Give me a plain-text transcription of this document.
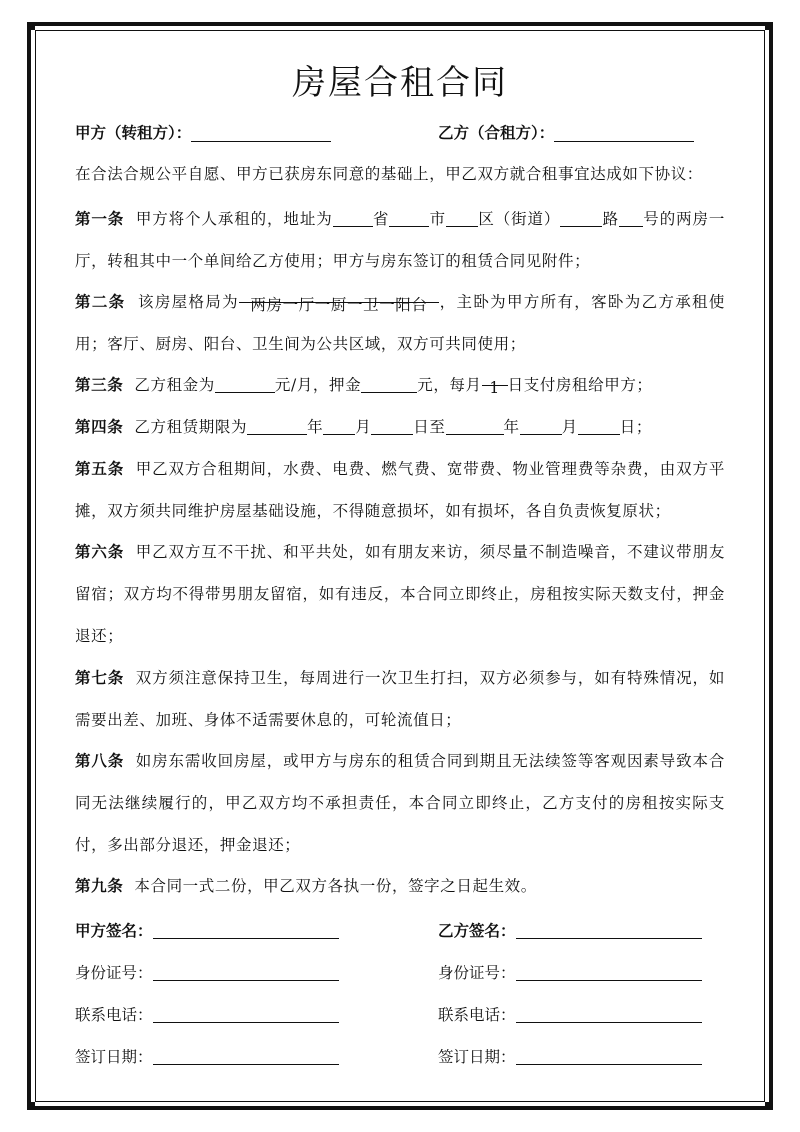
房屋合租合同
甲方（转租方）：	乙方（合租方）：
在合法合规公平自愿、甲方已获房东同意的基础上，甲乙双方就合租事宜达成如下协议：
第一条 甲方将个人承租的，地址为	省	市 区（街道）	路 号的两房一厅，转租其中一个单间给乙方使用；甲方与房东签订的租赁合同见附件；
第二条 该房屋格局为 两房一厅一厨一卫一阳台 ，主卧为甲方所有，客卧为乙方承租使用；客厅、厨房、阳台、卫生间为公共区域，双方可共同使用；
第三条 乙方租金为	元/月，押金	元，每月 1 日支付房租给甲方；
第四条 乙方租赁期限为	年 月	日至	年	月	日；
第五条 甲乙双方合租期间，水费、电费、燃气费、宽带费、物业管理费等杂费，由双方平摊，双方须共同维护房屋基础设施，不得随意损坏，如有损坏，各自负责恢复原状；
第六条 甲乙双方互不干扰、和平共处，如有朋友来访，须尽量不制造噪音，不建议带朋友留宿；双方均不得带男朋友留宿，如有违反，本合同立即终止，房租按实际天数支付，押金退还；
第七条 双方须注意保持卫生，每周进行一次卫生打扫，双方必须参与，如有特殊情况，如需要出差、加班、身体不适需要休息的，可轮流值日；
第八条 如房东需收回房屋，或甲方与房东的租赁合同到期且无法续签等客观因素导致本合同无法继续履行的，甲乙双方均不承担责任，本合同立即终止，乙方支付的房租按实际支付，多出部分退还，押金退还；
第九条 本合同一式二份，甲乙双方各执一份，签字之日起生效。
甲方签名：	乙方签名：
身份证号：	身份证号：
联系电话：	联系电话：
签订日期：	签订日期：
